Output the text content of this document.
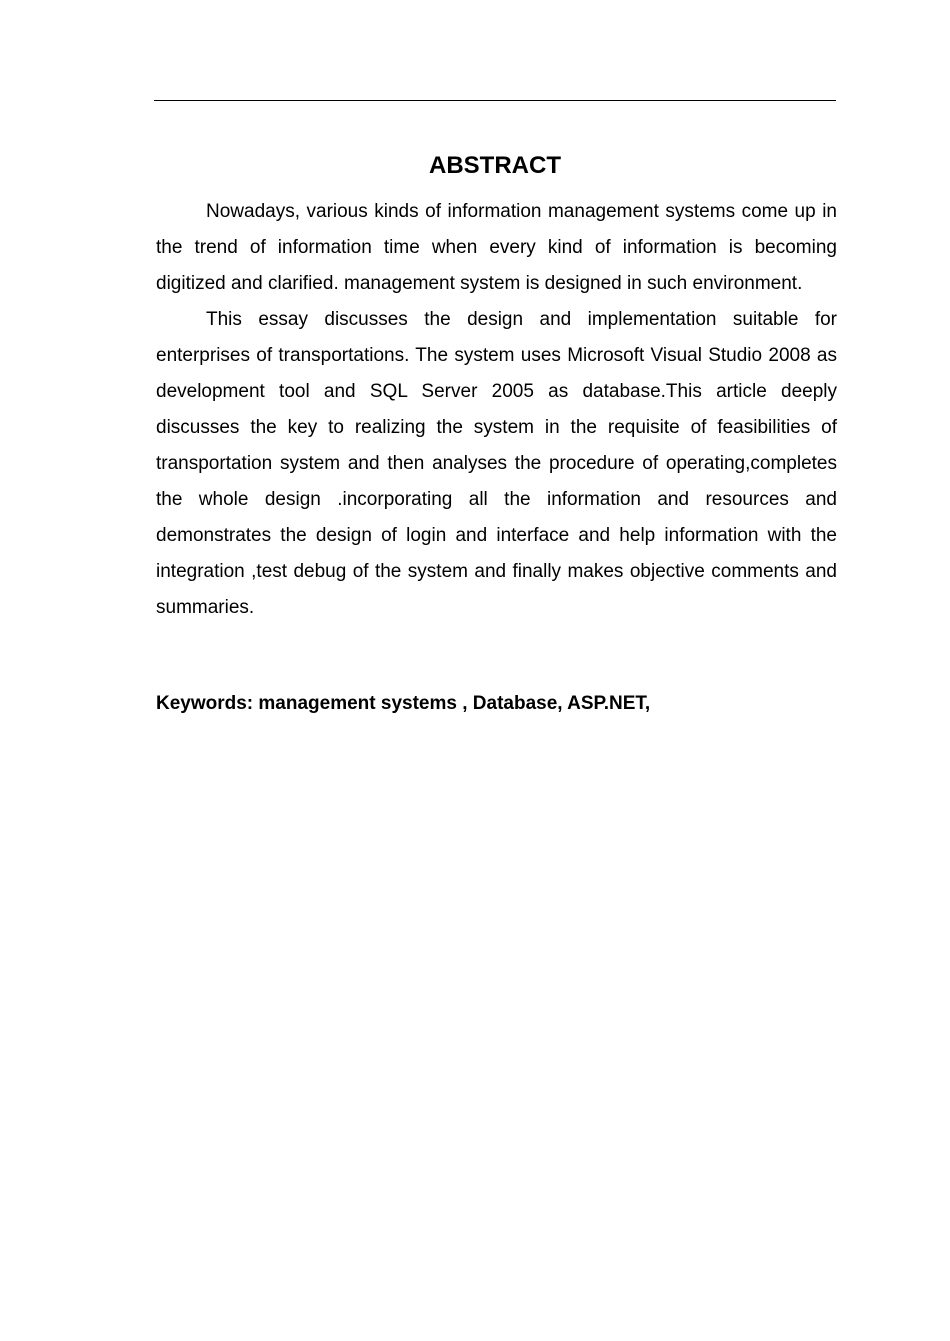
ABSTRACT

Nowadays, various kinds of information management systems come up in the trend of information time when every kind of information is becoming digitized and clarified. management system is designed in such environment.

This essay discusses the design and implementation suitable for enterprises of transportations. The system uses Microsoft Visual Studio 2008 as development tool and SQL Server 2005 as database.This article deeply discusses the key to realizing the system in the requisite of feasibilities of transportation system and then analyses the procedure of operating,completes the whole design .incorporating all the information and resources and demonstrates the design of login and interface and help information with the integration ,test debug of the system and finally makes objective comments and summaries.

Keywords: management systems , Database, ASP.NET,
